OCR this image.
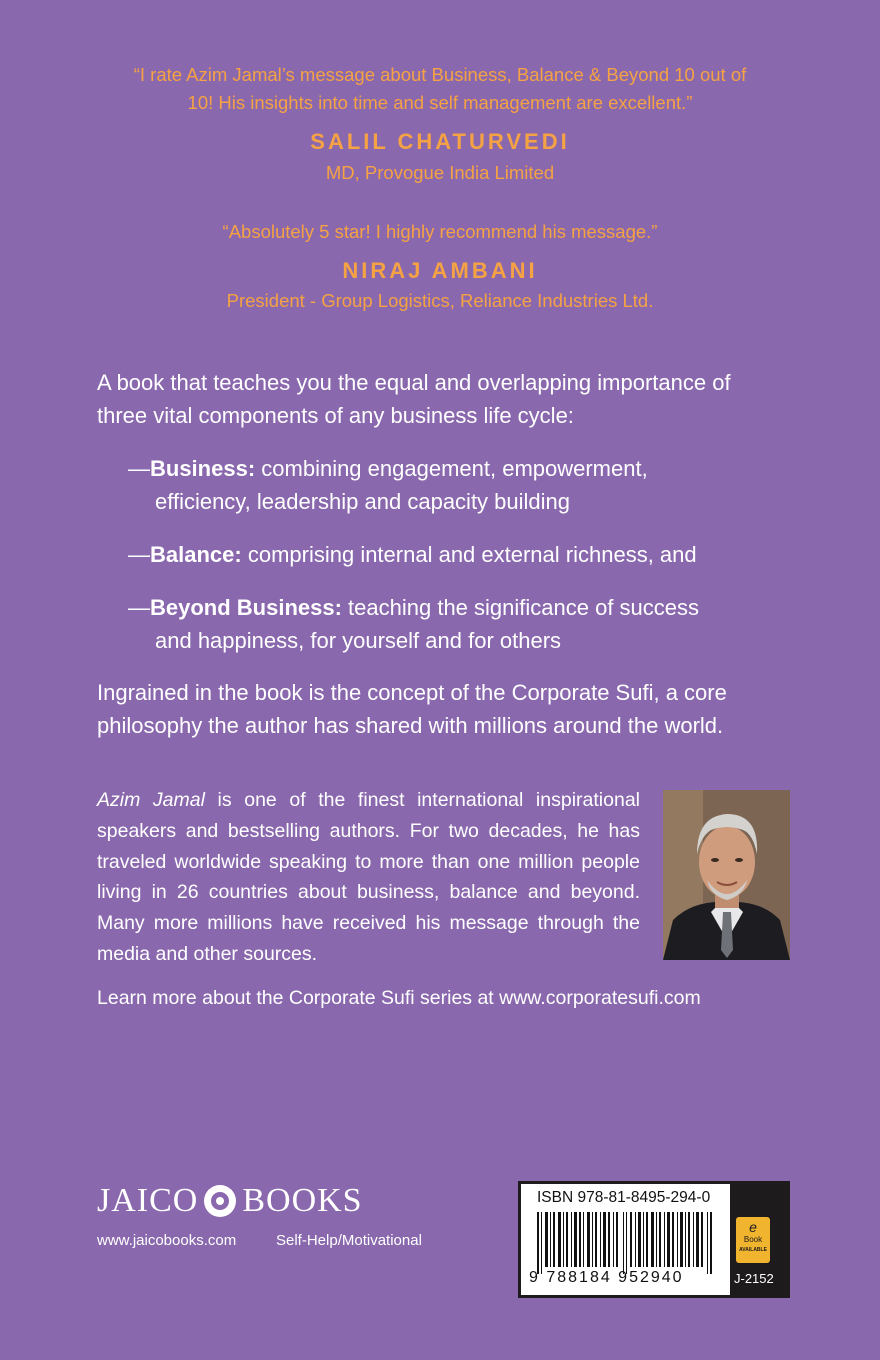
“I rate Azim Jamal’s message about Business, Balance & Beyond 10 out of
10! His insights into time and self management are excellent.”
SALIL CHATURVEDI
MD, Provogue India Limited
“Absolutely 5 star! I highly recommend his message.”
NIRAJ AMBANI
President - Group Logistics, Reliance Industries Ltd.
A book that teaches you the equal and overlapping importance of
three vital components of any business life cycle:
—Business: combining engagement, empowerment,
efficiency, leadership and capacity building
—Balance: comprising internal and external richness, and
—Beyond Business: teaching the significance of success
and happiness, for yourself and for others
Ingrained in the book is the concept of the Corporate Sufi, a core
philosophy the author has shared with millions around the world.
Azim Jamal is one of the finest international inspirational speakers and bestselling authors. For two decades, he has traveled worldwide speaking to more than one million people living in 26 countries about business, balance and beyond. Many more millions have received his message through the media and other sources.
Learn more about the Corporate Sufi series at www.corporatesufi.com
JAICO BOOKS
www.jaicobooks.com	Self-Help/Motivational
ISBN 978-81-8495-294-0
9 788184 952940
e
Book
AVAILABLE
J-2152
